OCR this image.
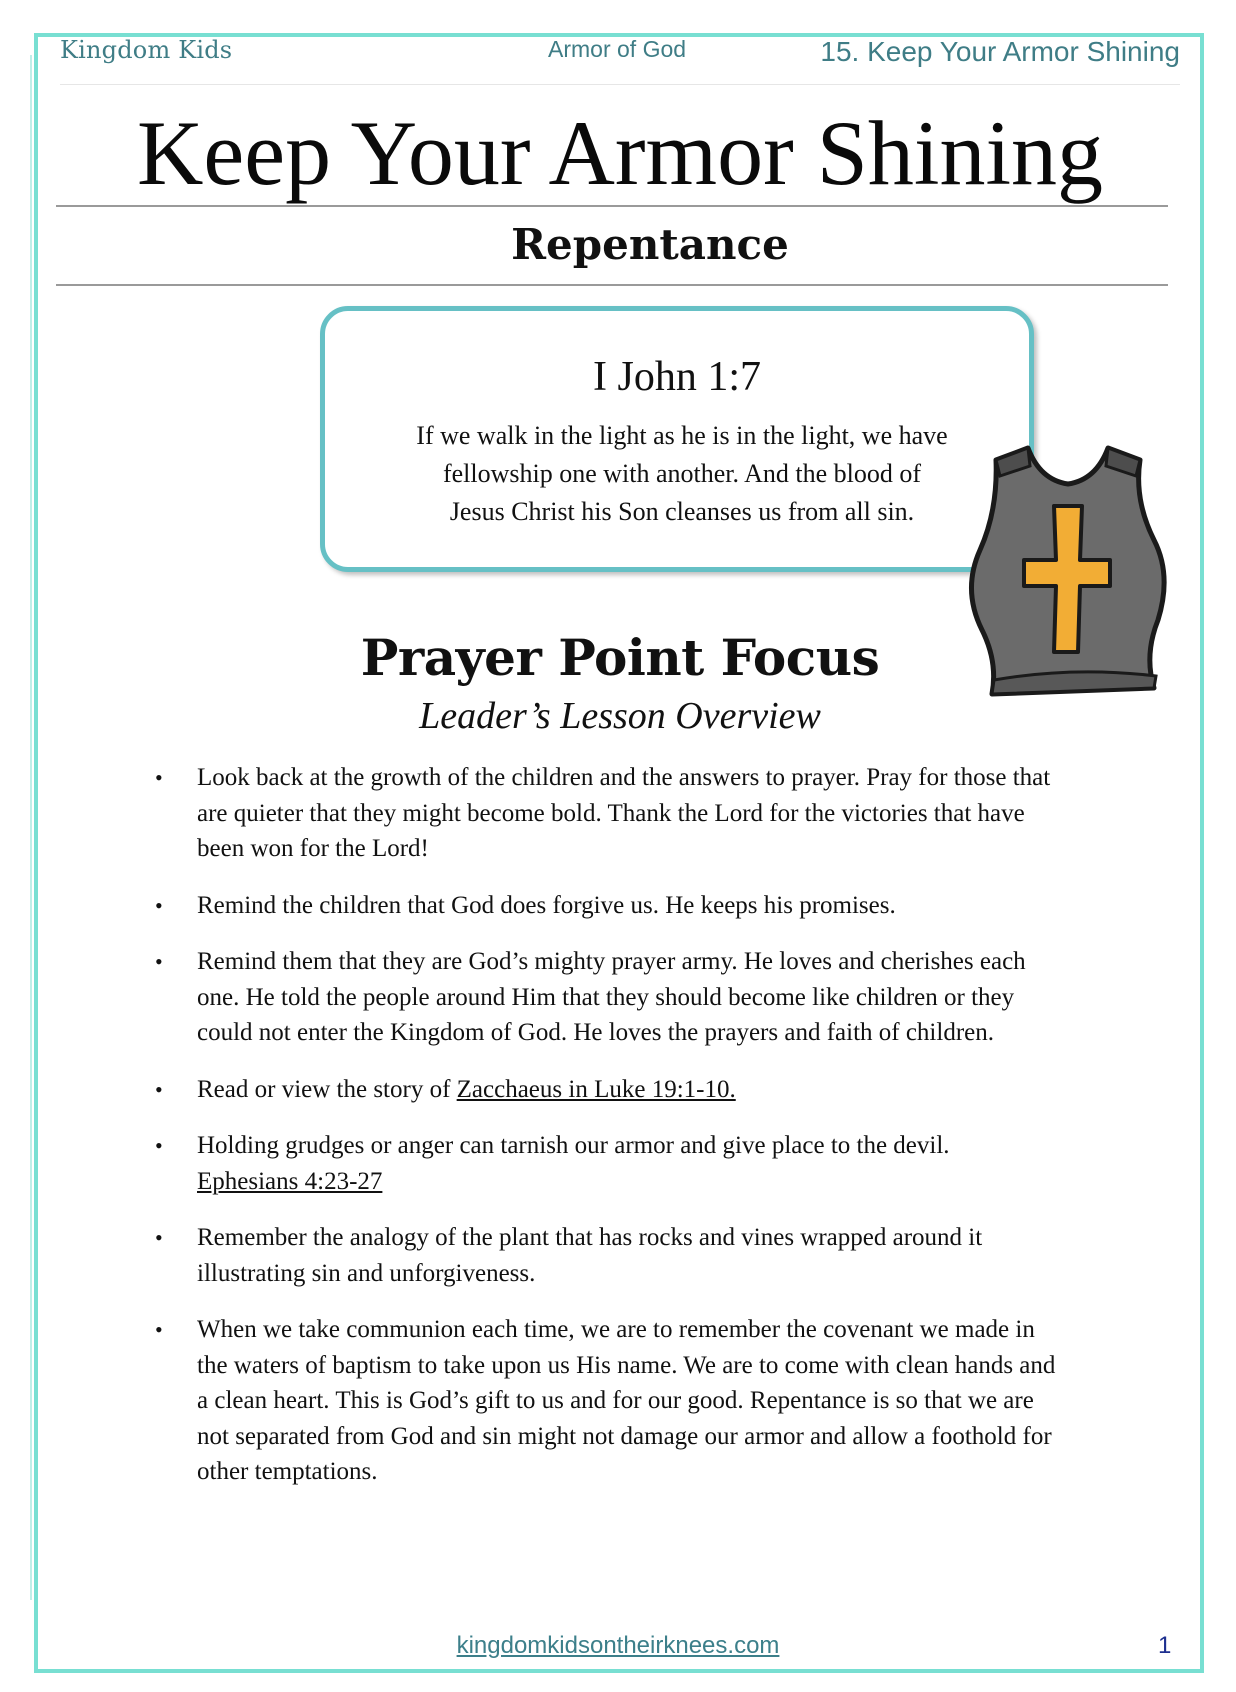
Kingdom Kids	Armor of God	15. Keep Your Armor Shining
Keep Your Armor Shining
Repentance
I John 1:7
If we walk in the light as he is in the light, we have
fellowship one with another. And the blood of
Jesus Christ his Son cleanses us from all sin.
Prayer Point Focus
Leader’s Lesson Overview
• Look back at the growth of the children and the answers to prayer. Pray for those that
are quieter that they might become bold. Thank the Lord for the victories that have
been won for the Lord!
• Remind the children that God does forgive us. He keeps his promises.
• Remind them that they are God’s mighty prayer army. He loves and cherishes each
one. He told the people around Him that they should become like children or they
could not enter the Kingdom of God. He loves the prayers and faith of children.
• Read or view the story of Zacchaeus in Luke 19:1-10.
• Holding grudges or anger can tarnish our armor and give place to the devil.
Ephesians 4:23-27
• Remember the analogy of the plant that has rocks and vines wrapped around it
illustrating sin and unforgiveness.
• When we take communion each time, we are to remember the covenant we made in
the waters of baptism to take upon us His name. We are to come with clean hands and
a clean heart. This is God’s gift to us and for our good. Repentance is so that we are
not separated from God and sin might not damage our armor and allow a foothold for
other temptations.
kingdomkidsontheirknees.com	1
